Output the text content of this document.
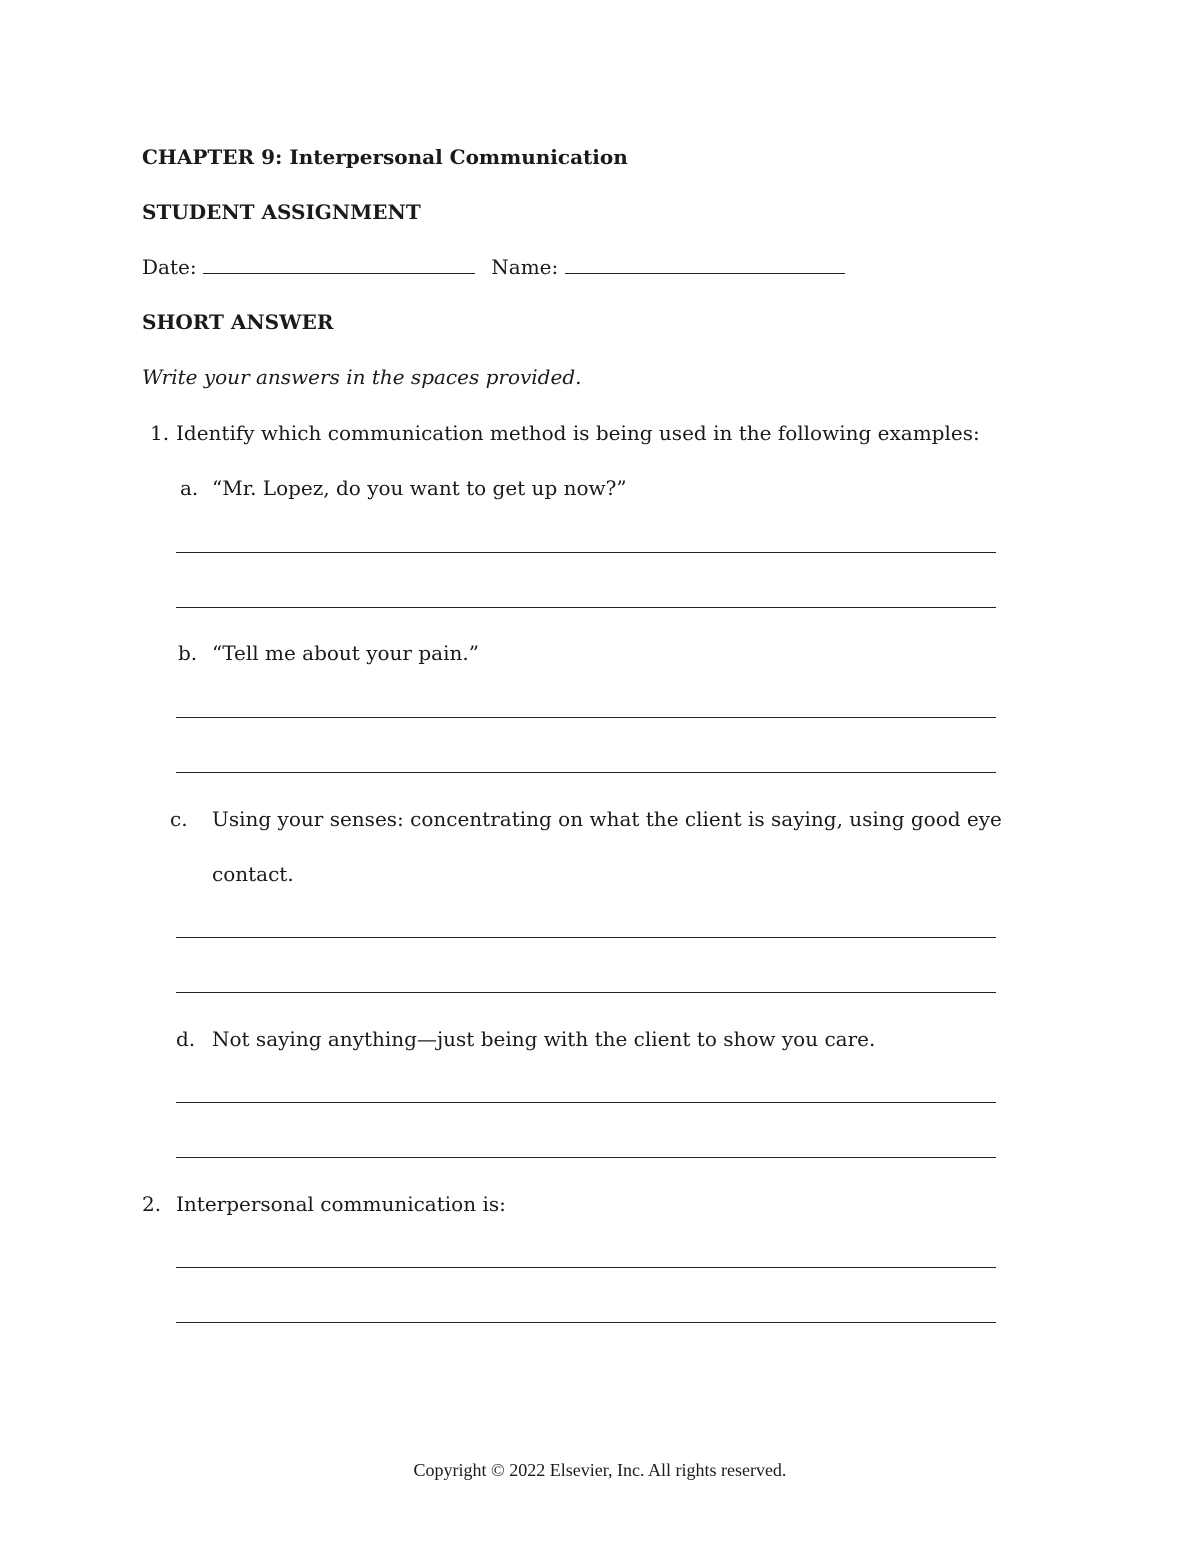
CHAPTER 9: Interpersonal Communication
STUDENT ASSIGNMENT
Date:	Name:
SHORT ANSWER
Write your answers in the spaces provided.
1. Identify which communication method is being used in the following examples:
a. “Mr. Lopez, do you want to get up now?”
b. “Tell me about your pain.”
c. Using your senses: concentrating on what the client is saying, using good eye
contact.
d. Not saying anything—just being with the client to show you care.
2. Interpersonal communication is:
Copyright © 2022 Elsevier, Inc. All rights reserved.
